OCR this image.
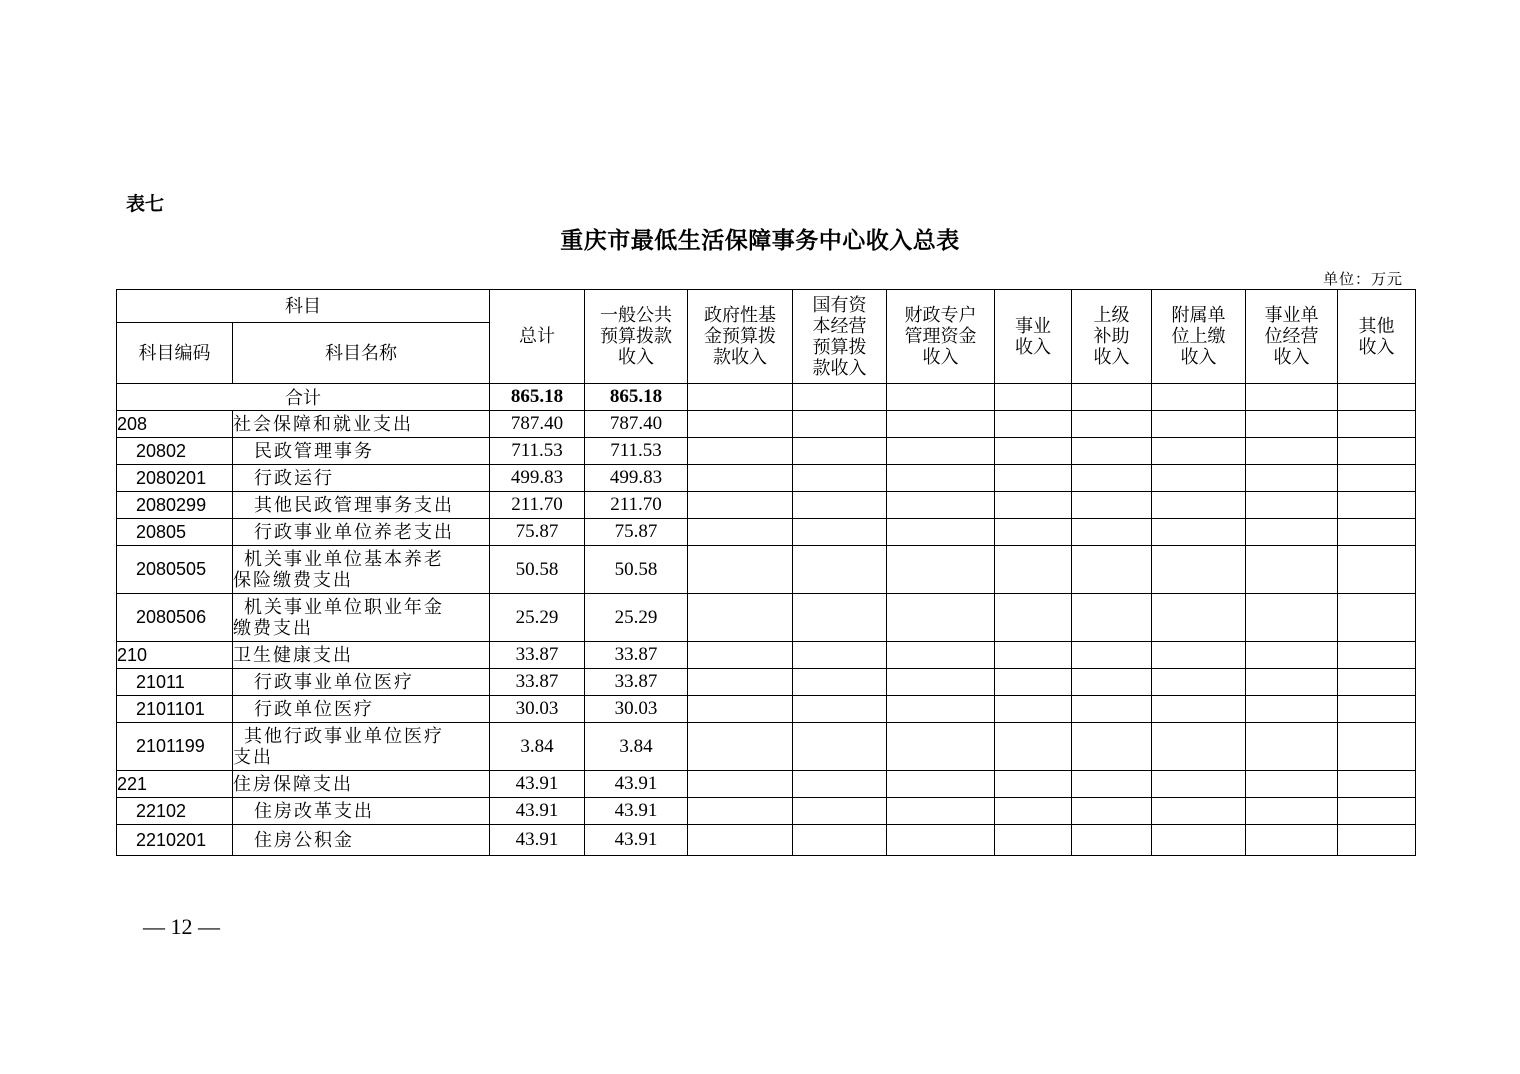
表七
重庆市最低生活保障事务中心收入总表
单位：万元
科目		总计	一般公共预算拨款收入	政府性基金预算拨款收入	国有资本经营预算拨款收入	财政专户管理资金收入	事业收入	上级补助收入	附属单位上缴收入	事业单位经营收入	其他收入
科目编码	科目名称										
合计		865.18	865.18								
208	社会保障和就业支出	787.40	787.40								
20802	民政管理事务	711.53	711.53								
2080201	行政运行	499.83	499.83								
2080299	其他民政管理事务支出	211.70	211.70								
20805	行政事业单位养老支出	75.87	75.87								
2080505	机关事业单位基本养老
保险缴费支出	50.58	50.58								
2080506	机关事业单位职业年金
缴费支出	25.29	25.29								
210	卫生健康支出	33.87	33.87								
21011	行政事业单位医疗	33.87	33.87								
2101101	行政单位医疗	30.03	30.03								
2101199	其他行政事业单位医疗
支出	3.84	3.84								
221	住房保障支出	43.91	43.91								
22102	住房改革支出	43.91	43.91								
2210201	住房公积金	43.91	43.91								
— 12 —
